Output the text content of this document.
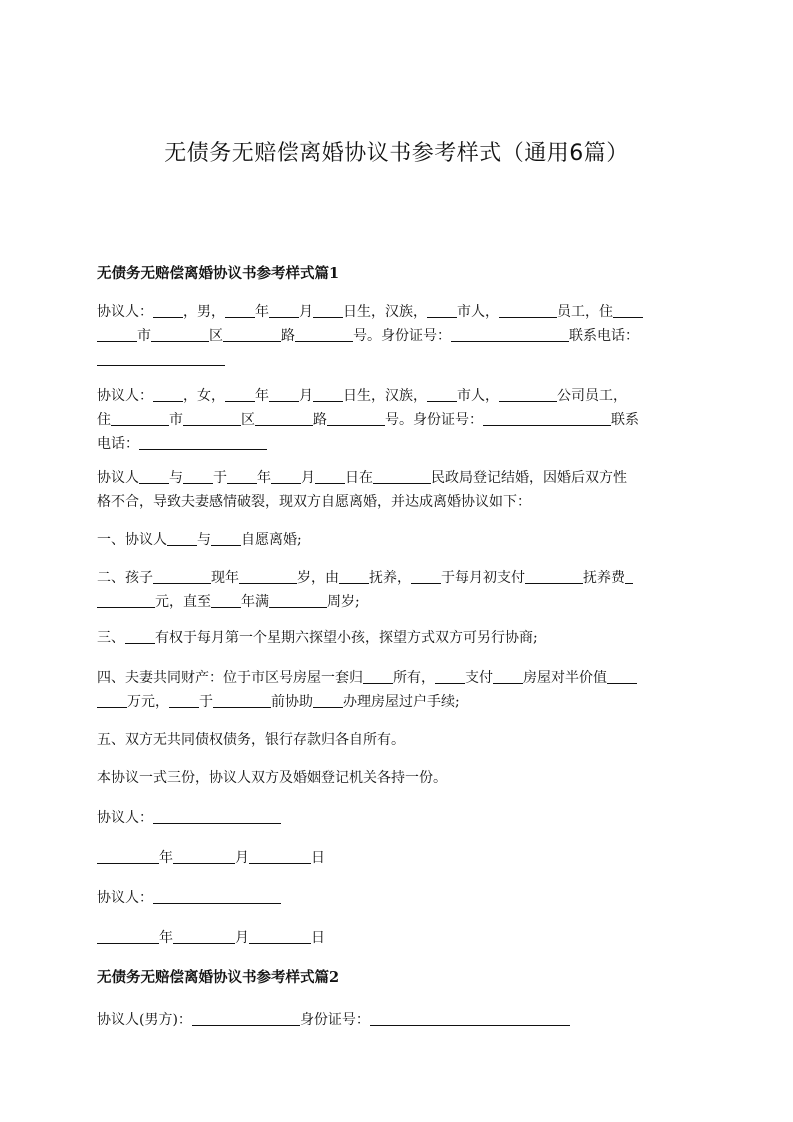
无债务无赔偿离婚协议书参考样式（通用6篇）
无债务无赔偿离婚协议书参考样式篇1
协议人： ，男， 年 月 日生，汉族， 市人，	员工，住
市	区	路	号。身份证号：	联系电话：
协议人： ，女， 年 月 日生，汉族， 市人，	公司员工，
住	市	区	路	号。身份证号：	联系
电话：
协议人 与 于 年 月 日在	民政局登记结婚，因婚后双方性
格不合，导致夫妻感情破裂，现双方自愿离婚，并达成离婚协议如下：
一、协议人 与 自愿离婚;
二、孩子	现年	岁，由 抚养， 于每月初支付	抚养费
元，直至 年满	周岁;
三、 有权于每月第一个星期六探望小孩，探望方式双方可另行协商;
四、夫妻共同财产：位于市区号房屋一套归 所有， 支付 房屋对半价值
万元， 于	前协助 办理房屋过户手续;
五、双方无共同债权债务，银行存款归各自所有。
本协议一式三份，协议人双方及婚姻登记机关各持一份。
协议人：
年	月	日
协议人：
年	月	日
无债务无赔偿离婚协议书参考样式篇2
协议人(男方)：	身份证号：
